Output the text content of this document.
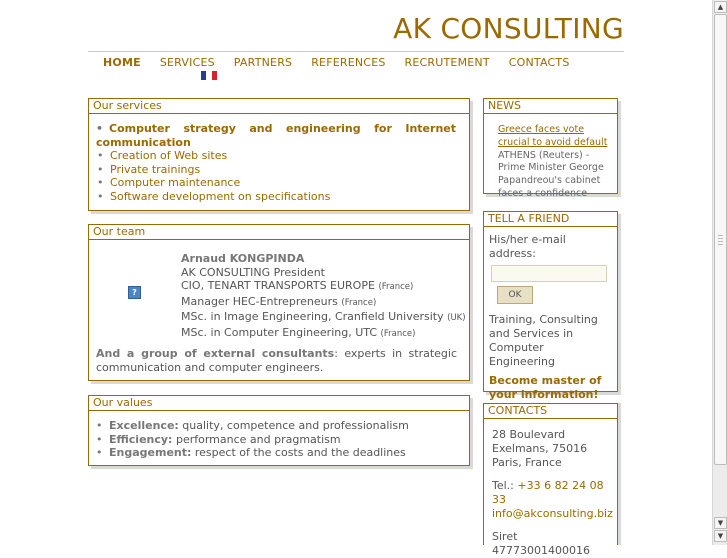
AK CONSULTING
HOME SERVICES PARTNERS REFERENCES RECRUTEMENT CONTACTS
Our services
• Computer strategy and engineering for Internet communication
• Creation of Web sites
• Private trainings
• Computer maintenance
• Software development on specifications
Our team
?
Arnaud KONGPINDA
AK CONSULTING President
CIO, TENART TRANSPORTS EUROPE (France)
Manager HEC-Entrepreneurs (France)
MSc. in Image Engineering, Cranfield University (UK)
MSc. in Computer Engineering, UTC (France)
And a group of external consultants: experts in strategic communication and computer engineers.
Our values
• Excellence: quality, competence and professionalism
• Efficiency: performance and pragmatism
• Engagement: respect of the costs and the deadlines
NEWS
Greece faces vote crucial to avoid default
ATHENS (Reuters) - Prime Minister George Papandreou's cabinet faces a confidence
TELL A FRIEND
His/her e-mail address:
OK
Training, Consulting and Services in Computer Engineering
Become master of your information!
CONTACTS
28 Boulevard Exelmans, 75016 Paris, France
Tel.: +33 6 82 24 08 33
info@akconsulting.biz
Siret
47773001400016
▲
▼
▼
